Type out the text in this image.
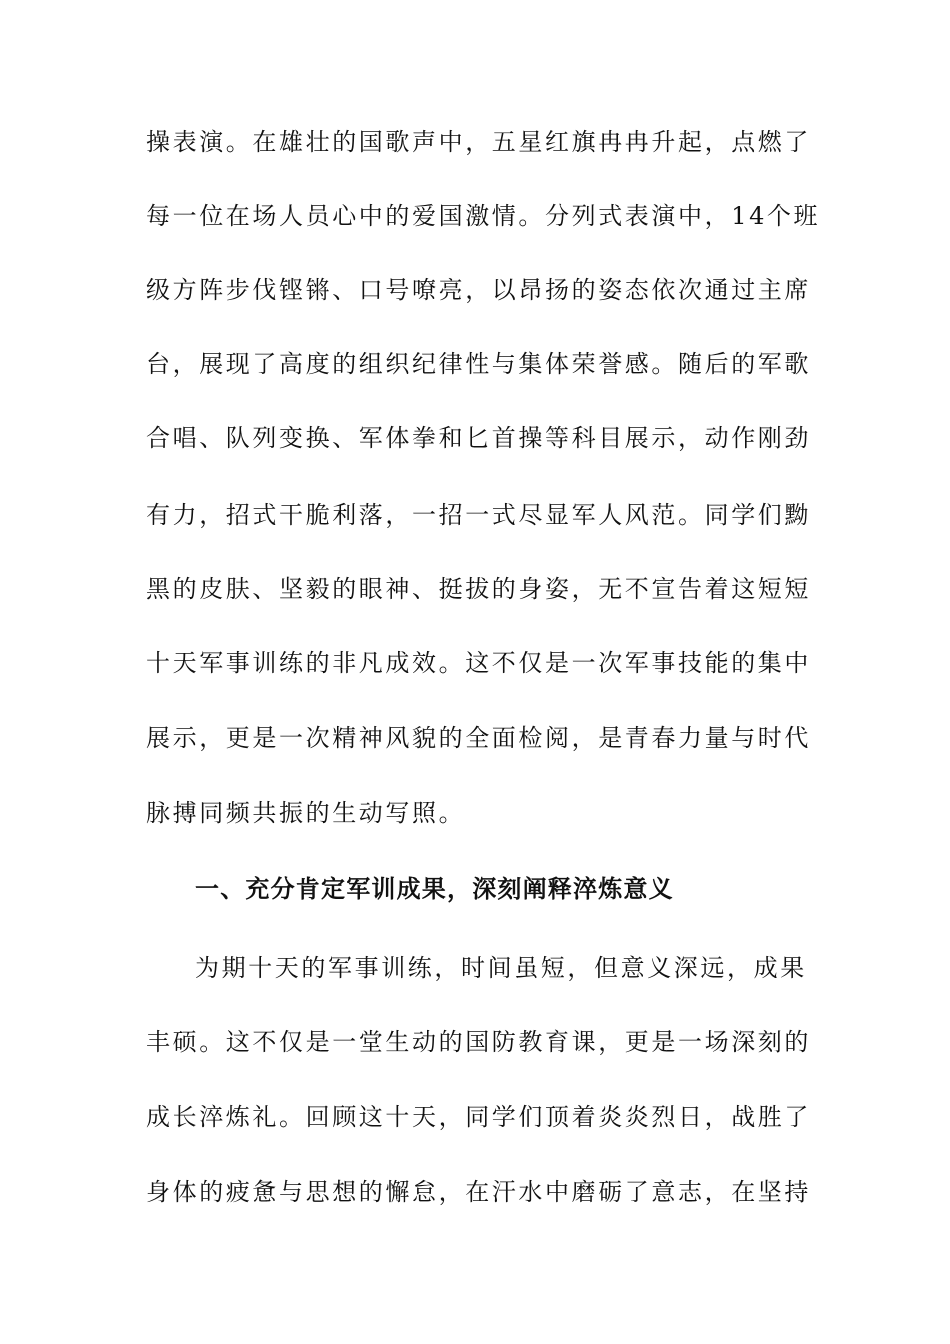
操表演。在雄壮的国歌声中，五星红旗冉冉升起，点燃了
每一位在场人员心中的爱国激情。分列式表演中，14个班
级方阵步伐铿锵、口号嘹亮，以昂扬的姿态依次通过主席
台，展现了高度的组织纪律性与集体荣誉感。随后的军歌
合唱、队列变换、军体拳和匕首操等科目展示，动作刚劲
有力，招式干脆利落，一招一式尽显军人风范。同学们黝
黑的皮肤、坚毅的眼神、挺拔的身姿，无不宣告着这短短
十天军事训练的非凡成效。这不仅是一次军事技能的集中
展示，更是一次精神风貌的全面检阅，是青春力量与时代
脉搏同频共振的生动写照。
一、充分肯定军训成果，深刻阐释淬炼意义
为期十天的军事训练，时间虽短，但意义深远，成果
丰硕。这不仅是一堂生动的国防教育课，更是一场深刻的
成长淬炼礼。回顾这十天，同学们顶着炎炎烈日，战胜了
身体的疲惫与思想的懈怠，在汗水中磨砺了意志，在坚持
